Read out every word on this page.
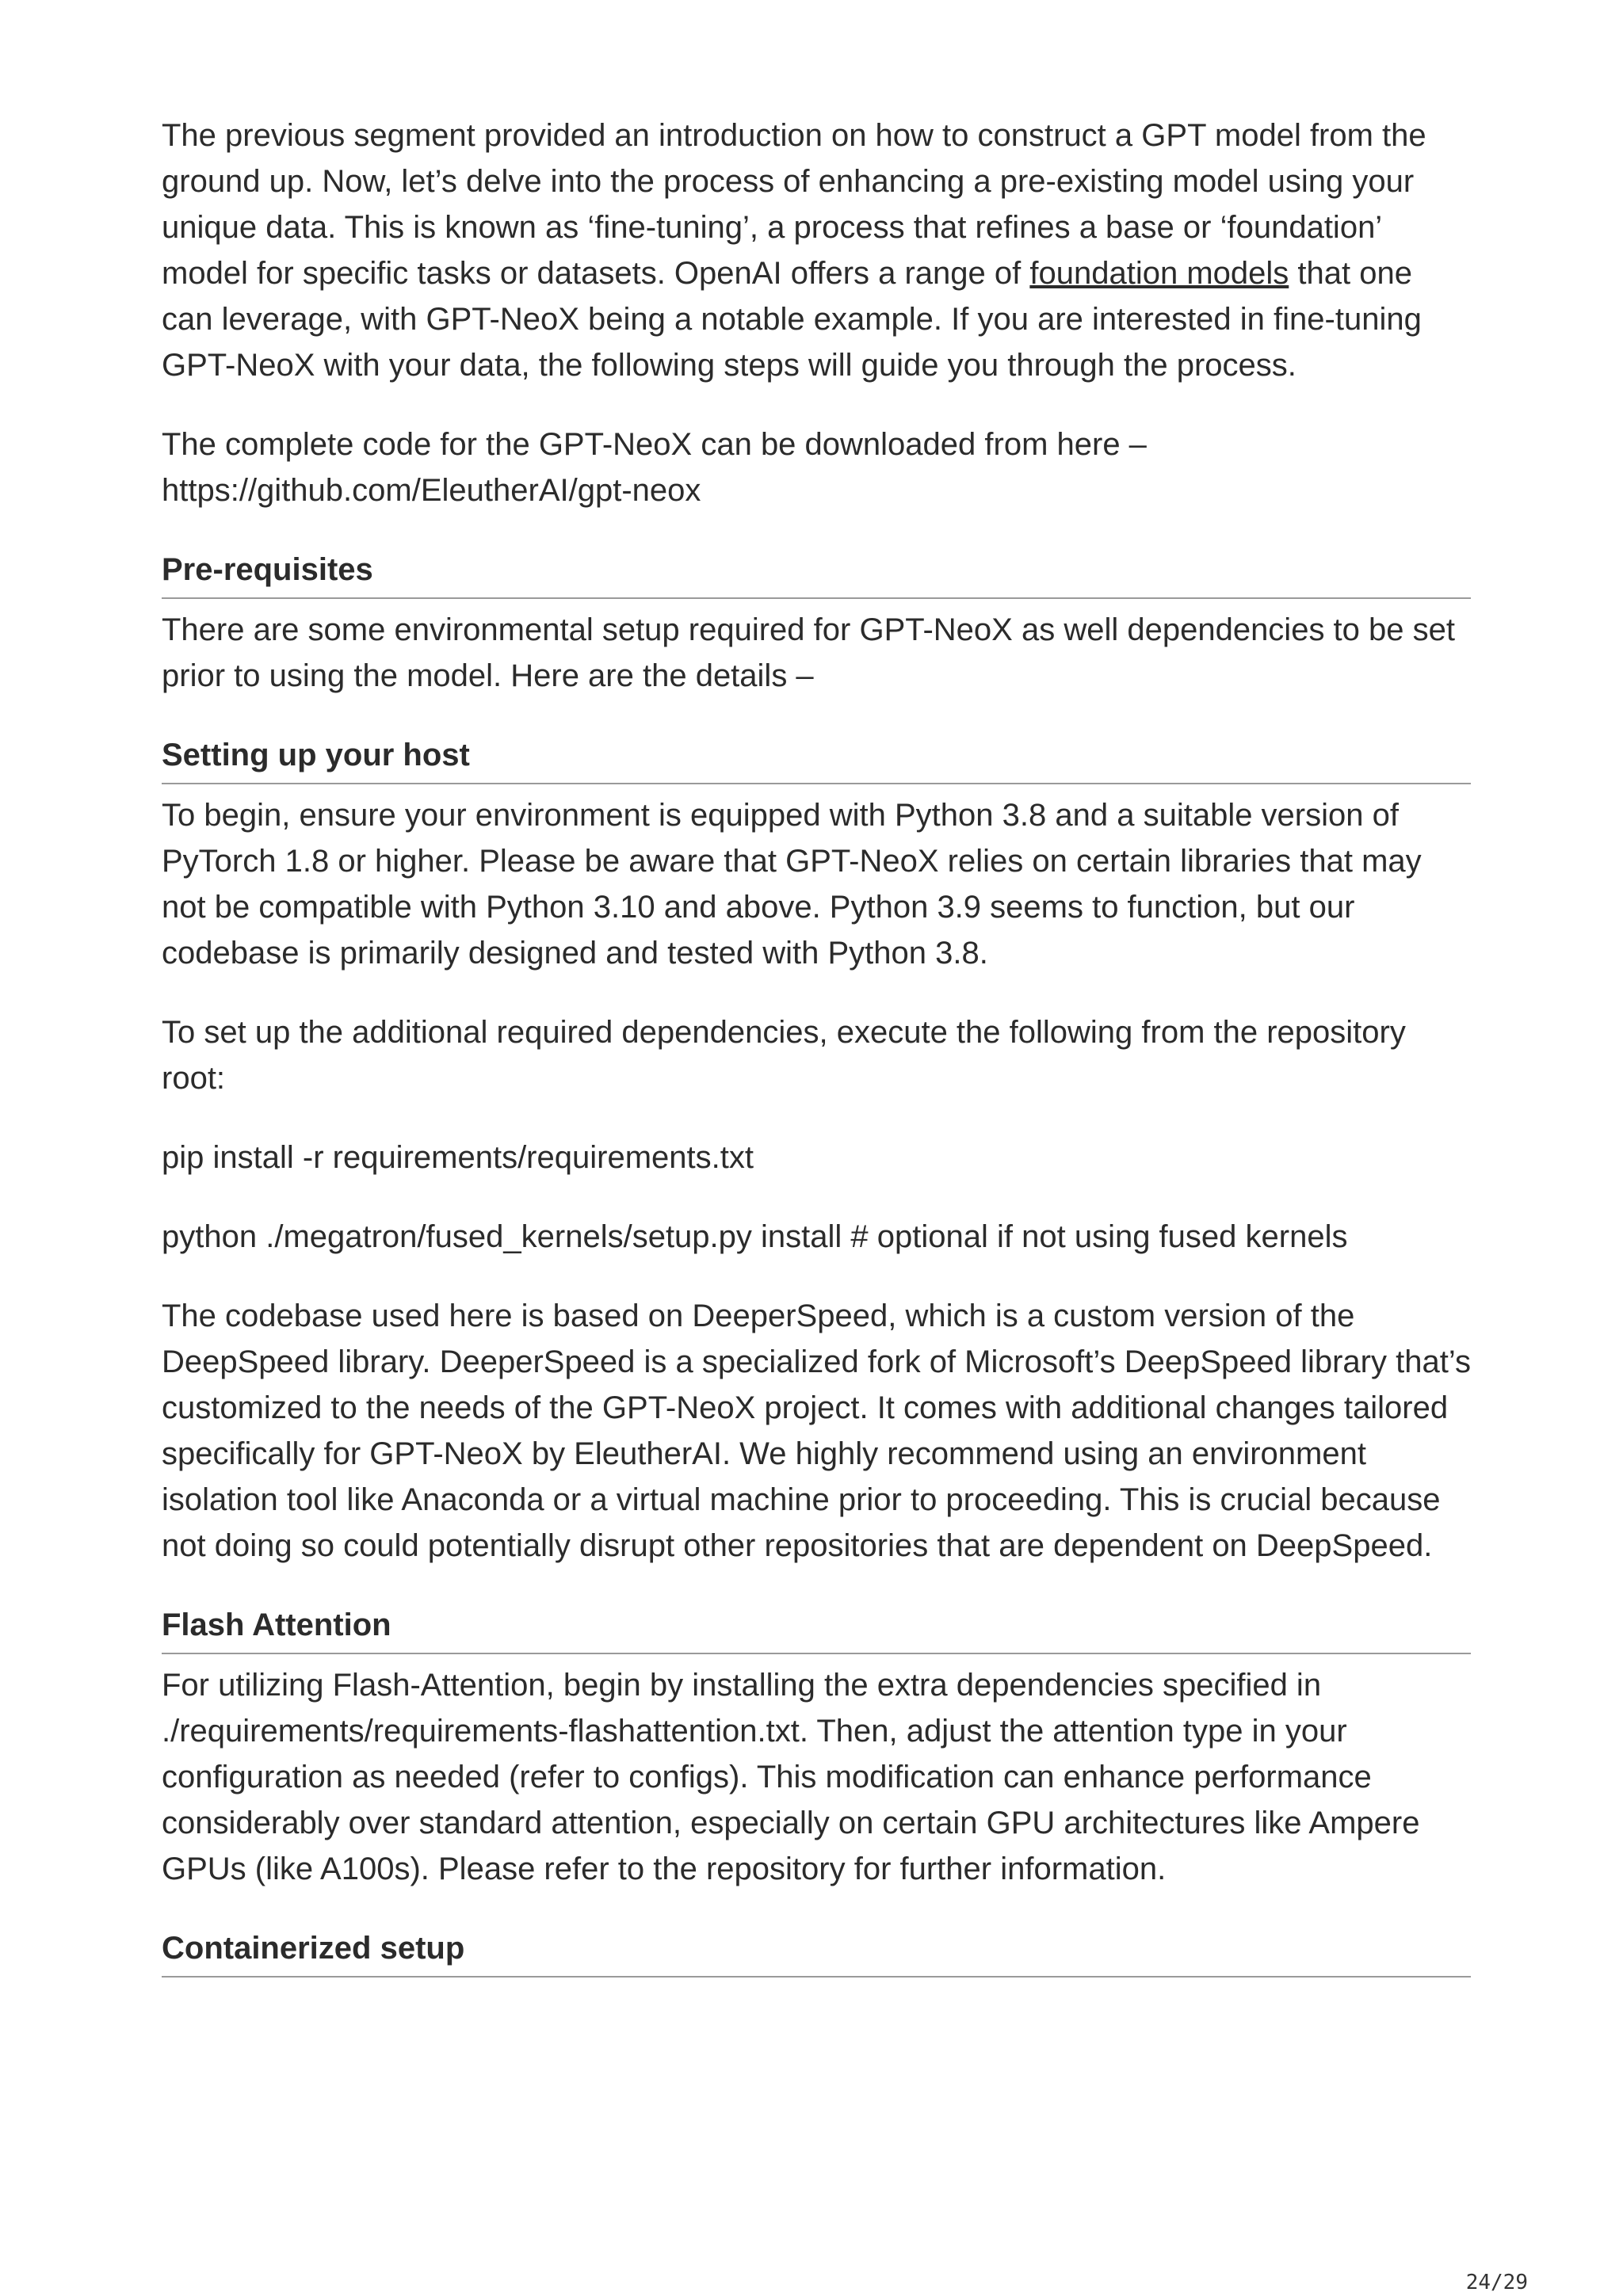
The previous segment provided an introduction on how to construct a GPT model from the ground up. Now, let’s delve into the process of enhancing a pre-existing model using your unique data. This is known as ‘fine-tuning’, a process that refines a base or ‘foundation’ model for specific tasks or datasets. OpenAI offers a range of foundation models that one can leverage, with GPT-NeoX being a notable example. If you are interested in fine-tuning GPT-NeoX with your data, the following steps will guide you through the process.

The complete code for the GPT-NeoX can be downloaded from here – https://github.com/EleutherAI/gpt-neox

Pre-requisites

There are some environmental setup required for GPT-NeoX as well dependencies to be set prior to using the model. Here are the details –

Setting up your host

To begin, ensure your environment is equipped with Python 3.8 and a suitable version of PyTorch 1.8 or higher. Please be aware that GPT-NeoX relies on certain libraries that may not be compatible with Python 3.10 and above. Python 3.9 seems to function, but our codebase is primarily designed and tested with Python 3.8.

To set up the additional required dependencies, execute the following from the repository root:

pip install -r requirements/requirements.txt

python ./megatron/fused_kernels/setup.py install # optional if not using fused kernels

The codebase used here is based on DeeperSpeed, which is a custom version of the DeepSpeed library. DeeperSpeed is a specialized fork of Microsoft’s DeepSpeed library that’s customized to the needs of the GPT-NeoX project. It comes with additional changes tailored specifically for GPT-NeoX by EleutherAI. We highly recommend using an environment isolation tool like Anaconda or a virtual machine prior to proceeding. This is crucial because not doing so could potentially disrupt other repositories that are dependent on DeepSpeed.

Flash Attention

For utilizing Flash-Attention, begin by installing the extra dependencies specified in ./requirements/requirements-flashattention.txt. Then, adjust the attention type in your configuration as needed (refer to configs). This modification can enhance performance considerably over standard attention, especially on certain GPU architectures like Ampere GPUs (like A100s). Please refer to the repository for further information.

Containerized setup
24/29
